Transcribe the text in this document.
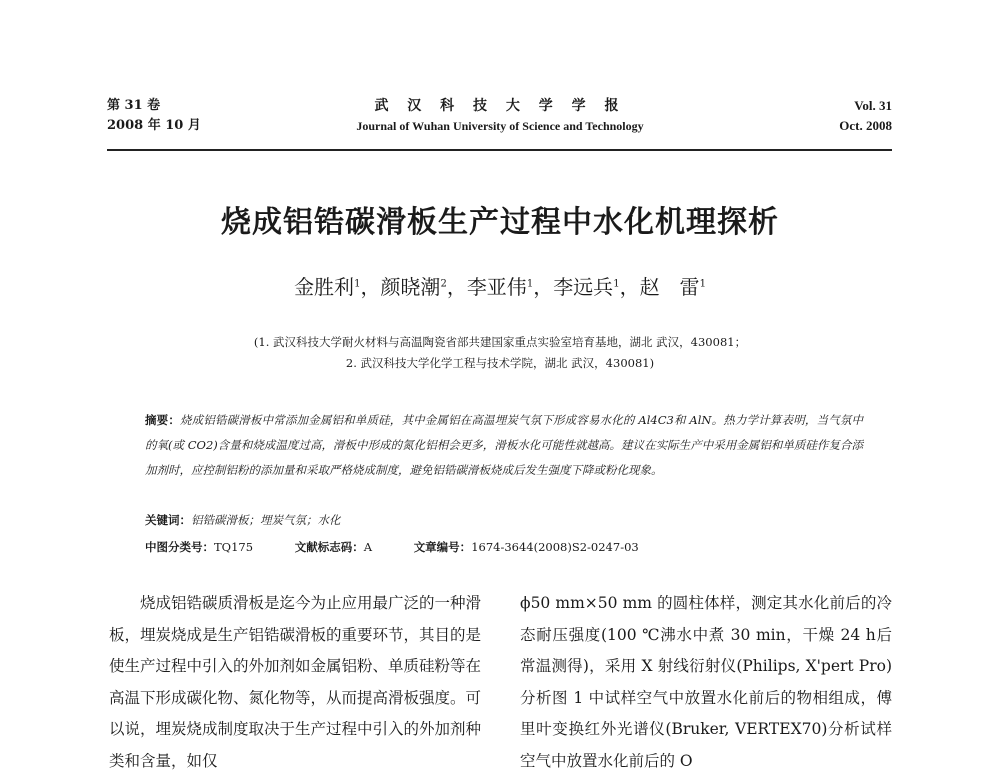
第 31 卷
2008 年 10 月
武 汉 科 技 大 学 学 报
Journal of Wuhan University of Science and Technology
Vol. 31
Oct. 2008
烧成铝锆碳滑板生产过程中水化机理探析
金胜利$^1$，颜晓潮$^2$，李亚伟$^1$，李远兵$^1$，赵　雷$^1$
(1. 武汉科技大学耐火材料与高温陶瓷省部共建国家重点实验室培育基地，湖北 武汉，430081；
2. 武汉科技大学化学工程与技术学院，湖北 武汉，430081)
摘要：烧成铝锆碳滑板中常添加金属铝和单质硅，其中金属铝在高温埋炭气氛下形成容易水化的 Al4C3和 AlN。热力学计算表明，当气氛中的氧(或 CO2)含量和烧成温度过高，滑板中形成的氮化铝相会更多，滑板水化可能性就越高。建议在实际生产中采用金属铝和单质硅作复合添加剂时，应控制铝粉的添加量和采取严格烧成制度，避免铝锆碳滑板烧成后发生强度下降或粉化现象。
关键词：铝锆碳滑板；埋炭气氛；水化
中图分类号：TQ175	文献标志码：A	文章编号：1674-3644(2008)S2-0247-03

烧成铝锆碳质滑板是迄今为止应用最广泛的一种滑板，埋炭烧成是生产铝锆碳滑板的重要环节，其目的是使生产过程中引入的外加剂如金属铝粉、单质硅粉等在高温下形成碳化物、氮化物等，从而提高滑板强度。可以说，埋炭烧成制度取决于生产过程中引入的外加剂种类和含量，如仅

ϕ50 mm×50 mm 的圆柱体样，测定其水化前后的冷态耐压强度(100 ℃沸水中煮 30 min，干燥 24 h后常温测得)，采用 X 射线衍射仪(Philips, X'pert Pro)分析图 1 中试样空气中放置水化前后的物相组成，傅里叶变换红外光谱仪(Bruker, VERTEX70)分析试样空气中放置水化前后的 O
